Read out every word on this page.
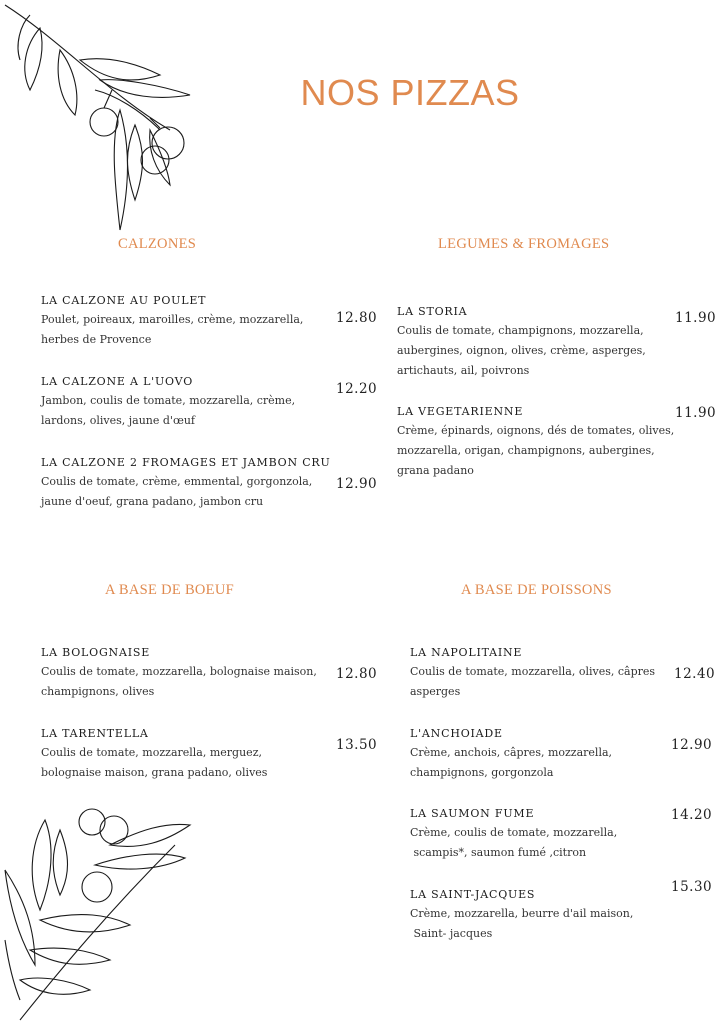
NOS PIZZAS
CALZONES
LA CALZONE AU POULET
Poulet, poireaux, maroilles, crème, mozzarella,
herbes de Provence
12.80
LA CALZONE A L'UOVO
Jambon, coulis de tomate, mozzarella, crème,
lardons, olives, jaune d'œuf
12.20
LA CALZONE 2 FROMAGES ET JAMBON CRU
Coulis de tomate, crème, emmental, gorgonzola,
jaune d'oeuf, grana padano, jambon cru
12.90
LEGUMES & FROMAGES
LA STORIA
Coulis de tomate, champignons, mozzarella,
aubergines, oignon, olives, crème, asperges,
artichauts, ail, poivrons
11.90
LA VEGETARIENNE
Crème, épinards, oignons, dés de tomates, olives,
mozzarella, origan, champignons, aubergines,
grana padano
11.90
A BASE DE BOEUF
LA BOLOGNAISE
Coulis de tomate, mozzarella, bolognaise maison,
champignons, olives
12.80
LA TARENTELLA
Coulis de tomate, mozzarella, merguez,
bolognaise maison, grana padano, olives
13.50
A BASE DE POISSONS
LA NAPOLITAINE
Coulis de tomate, mozzarella, olives, câpres
asperges
12.40
L'ANCHOIADE
Crème, anchois, câpres, mozzarella,
champignons, gorgonzola
12.90
LA SAUMON FUME
Crème, coulis de tomate, mozzarella,
scampis*, saumon fumé ,citron
14.20
LA SAINT-JACQUES
Crème, mozzarella, beurre d'ail maison,
Saint- jacques
15.30
